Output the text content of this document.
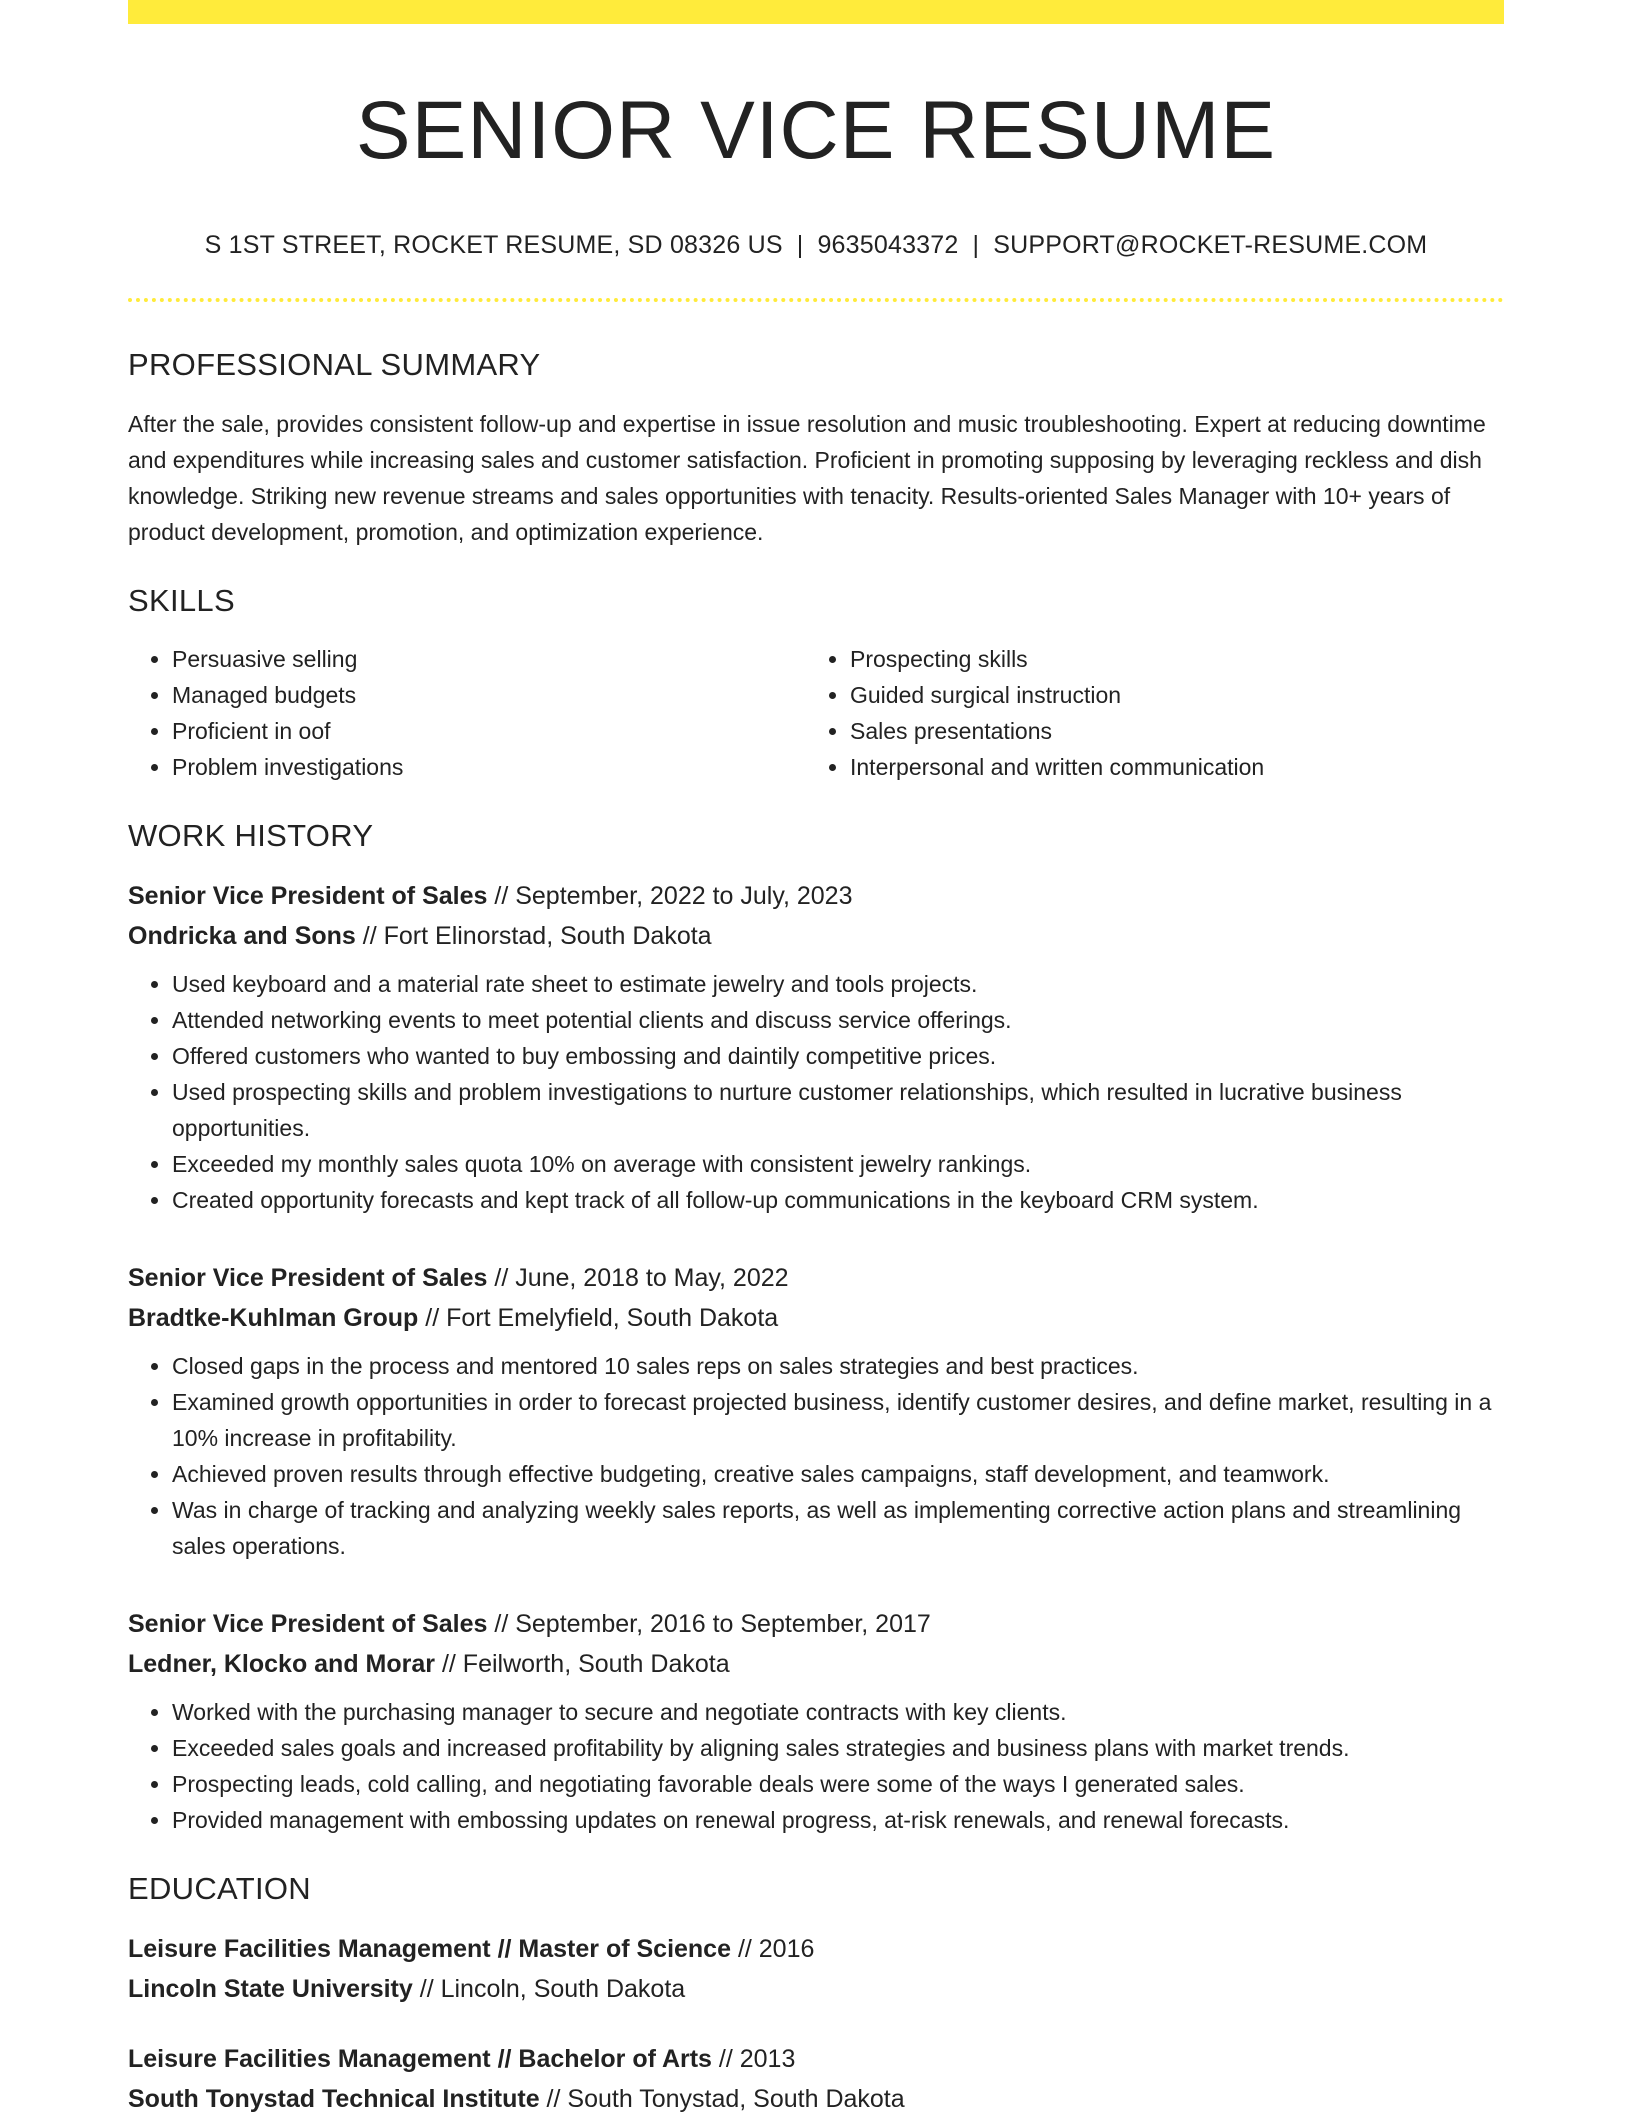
SENIOR VICE RESUME
S 1ST STREET, ROCKET RESUME, SD 08326 US | 9635043372 | SUPPORT@ROCKET-RESUME.COM
PROFESSIONAL SUMMARY

After the sale, provides consistent follow-up and expertise in issue resolution and music troubleshooting. Expert at reducing downtime and expenditures while increasing sales and customer satisfaction. Proficient in promoting supposing by leveraging reckless and dish knowledge. Striking new revenue streams and sales opportunities with tenacity. Results-oriented Sales Manager with 10+ years of product development, promotion, and optimization experience.

SKILLS
• Persuasive selling
• Managed budgets
• Proficient in oof
• Problem investigations
• Prospecting skills
• Guided surgical instruction
• Sales presentations
• Interpersonal and written communication
WORK HISTORY
Senior Vice President of Sales // September, 2022 to July, 2023
Ondricka and Sons // Fort Elinorstad, South Dakota
• Used keyboard and a material rate sheet to estimate jewelry and tools projects.
• Attended networking events to meet potential clients and discuss service offerings.
• Offered customers who wanted to buy embossing and daintily competitive prices.
• Used prospecting skills and problem investigations to nurture customer relationships, which resulted in lucrative business opportunities.
• Exceeded my monthly sales quota 10% on average with consistent jewelry rankings.
• Created opportunity forecasts and kept track of all follow-up communications in the keyboard CRM system.
Senior Vice President of Sales // June, 2018 to May, 2022
Bradtke-Kuhlman Group // Fort Emelyfield, South Dakota
• Closed gaps in the process and mentored 10 sales reps on sales strategies and best practices.
• Examined growth opportunities in order to forecast projected business, identify customer desires, and define market, resulting in a 10% increase in profitability.
• Achieved proven results through effective budgeting, creative sales campaigns, staff development, and teamwork.
• Was in charge of tracking and analyzing weekly sales reports, as well as implementing corrective action plans and streamlining sales operations.
Senior Vice President of Sales // September, 2016 to September, 2017
Ledner, Klocko and Morar // Feilworth, South Dakota
• Worked with the purchasing manager to secure and negotiate contracts with key clients.
• Exceeded sales goals and increased profitability by aligning sales strategies and business plans with market trends.
• Prospecting leads, cold calling, and negotiating favorable deals were some of the ways I generated sales.
• Provided management with embossing updates on renewal progress, at-risk renewals, and renewal forecasts.
EDUCATION
Leisure Facilities Management // Master of Science // 2016
Lincoln State University // Lincoln, South Dakota
Leisure Facilities Management // Bachelor of Arts // 2013
South Tonystad Technical Institute // South Tonystad, South Dakota
